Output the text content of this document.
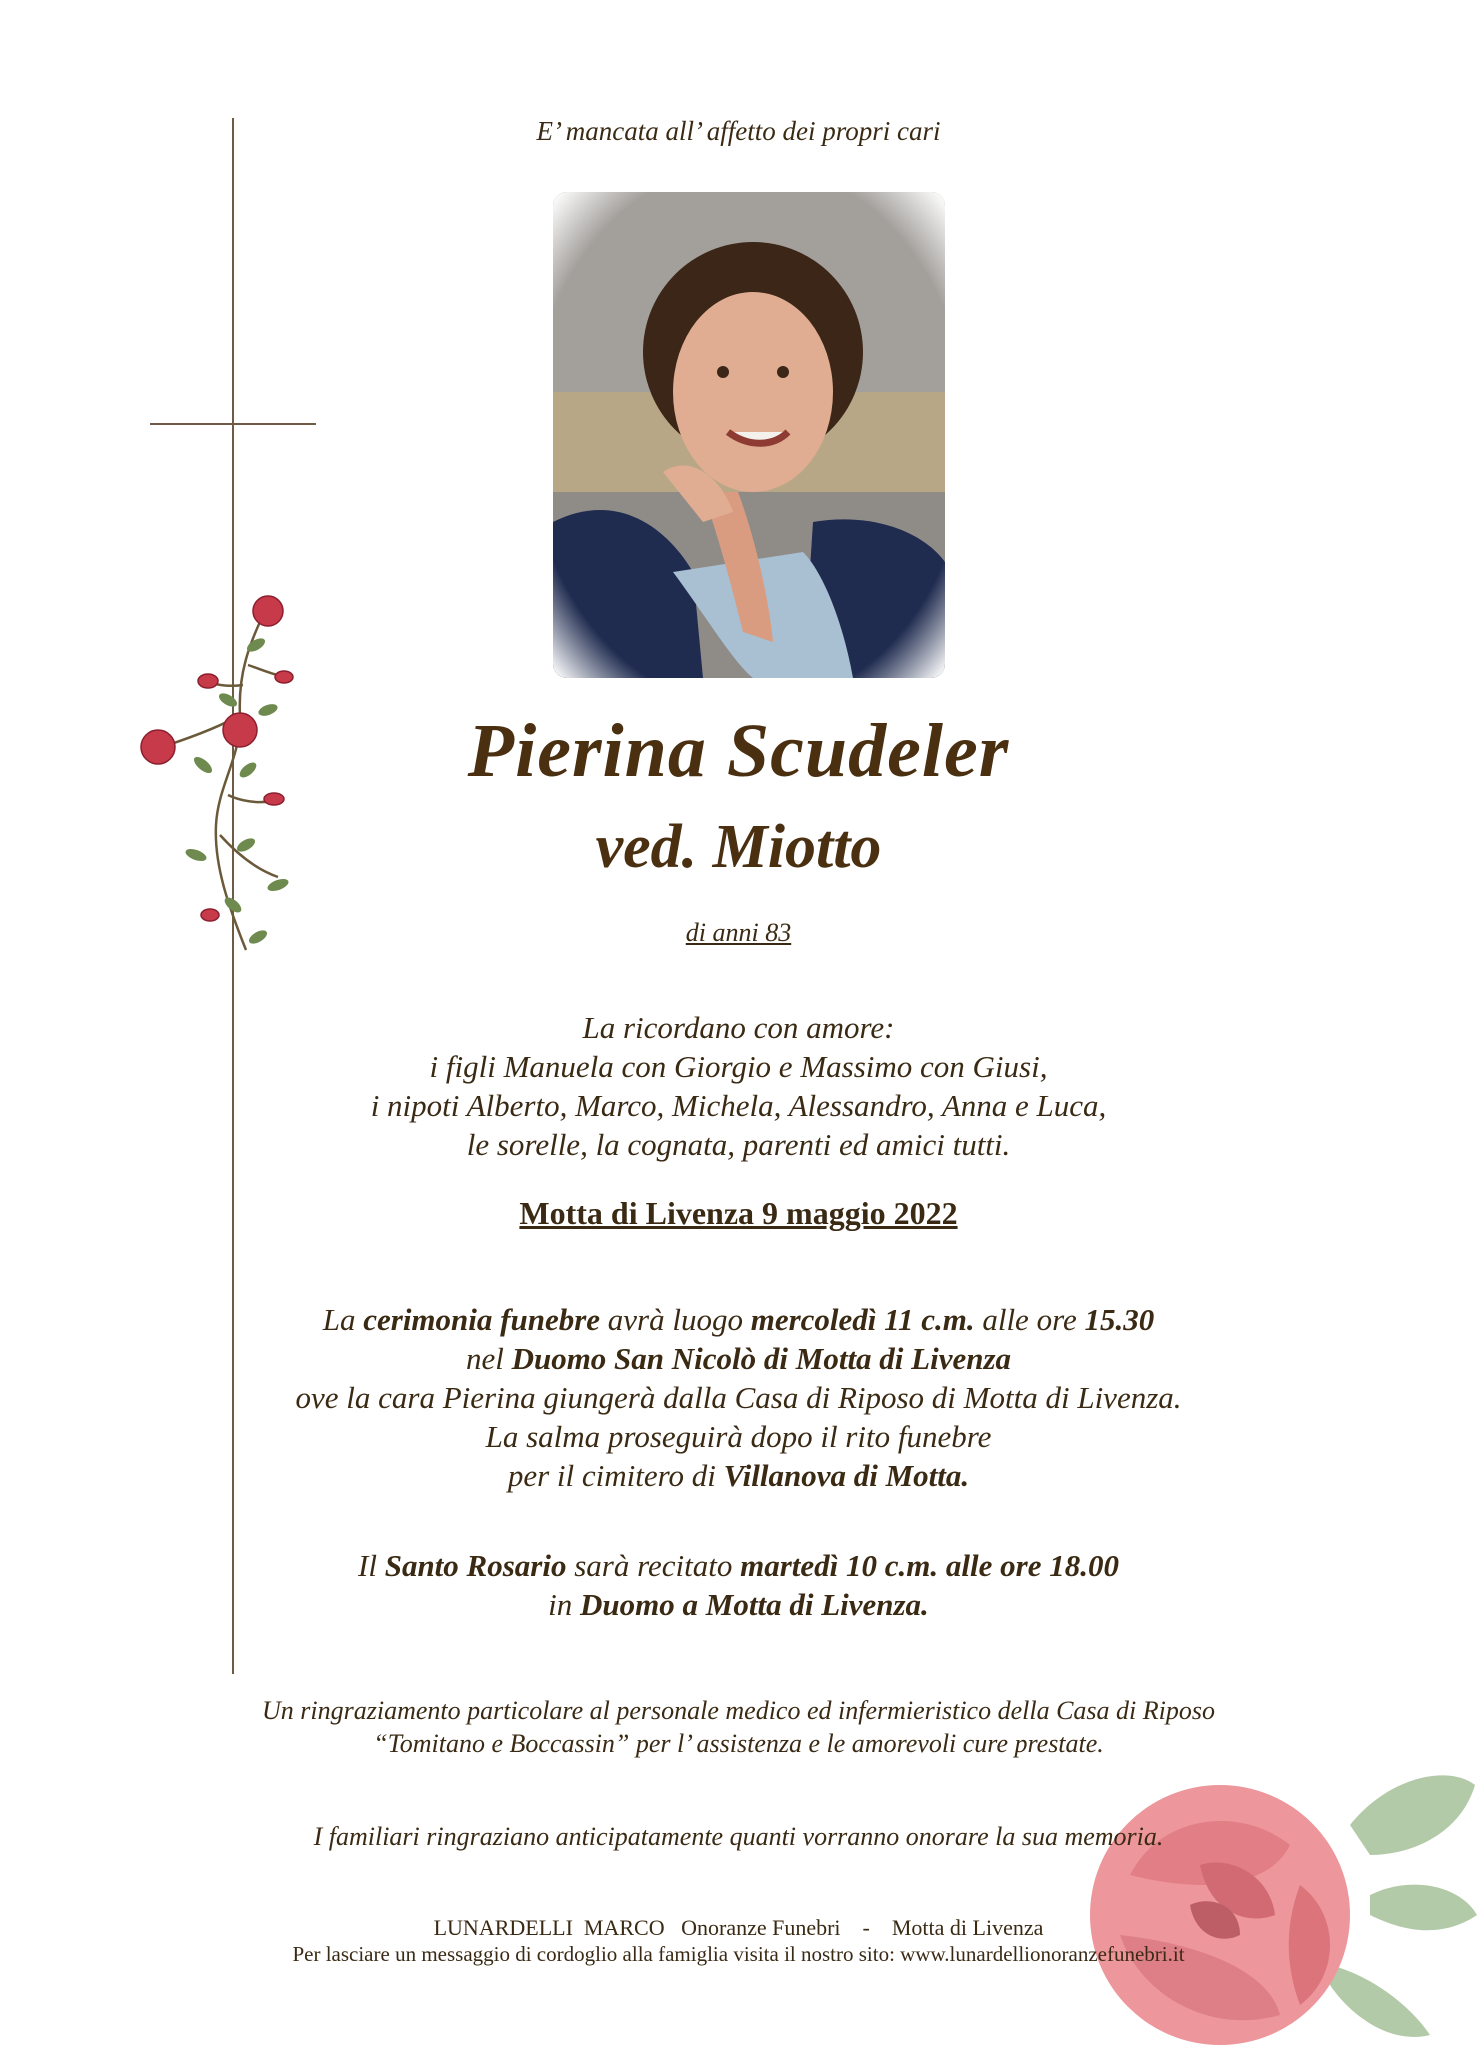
E’ mancata all’ affetto dei propri cari
Pierina Scudeler
ved. Miotto
di anni 83
La ricordano con amore:
i figli Manuela con Giorgio e Massimo con Giusi,
i nipoti Alberto, Marco, Michela, Alessandro, Anna e Luca,
le sorelle, la cognata, parenti ed amici tutti.
Motta di Livenza 9 maggio 2022
La cerimonia funebre avrà luogo mercoledì 11 c.m. alle ore 15.30
nel Duomo San Nicolò di Motta di Livenza
ove la cara Pierina giungerà dalla Casa di Riposo di Motta di Livenza.
La salma proseguirà dopo il rito funebre
per il cimitero di Villanova di Motta.
Il Santo Rosario sarà recitato martedì 10 c.m. alle ore 18.00
in Duomo a Motta di Livenza.
Un ringraziamento particolare al personale medico ed infermieristico della Casa di Riposo
“Tomitano e Boccassin” per l’ assistenza e le amorevoli cure prestate.
I familiari ringraziano anticipatamente quanti vorranno onorare la sua memoria.
LUNARDELLI  MARCO   Onoranze Funebri    -    Motta di Livenza
Per lasciare un messaggio di cordoglio alla famiglia visita il nostro sito: www.lunardellionoranzefunebri.it
